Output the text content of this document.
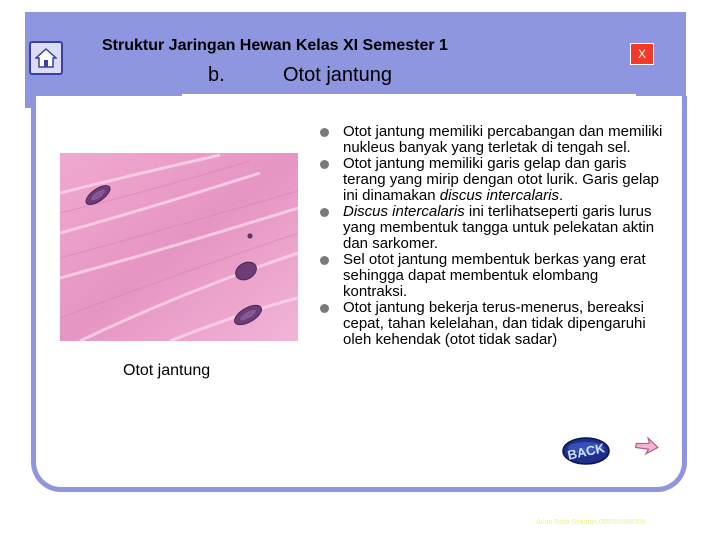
Struktur Jaringan Hewan Kelas XI Semester 1
b.	Otot jantung
X
Otot jantung
Otot jantung memiliki percabangan dan memiliki nukleus banyak yang terletak di tengah sel.
Otot jantung memiliki garis gelap dan garis terang yang mirip dengan otot lurik. Garis gelap ini dinamakan discus intercalaris.
Discus intercalaris ini terlihatseperti garis lurus yang membentuk tangga untuk pelekatan aktin dan sarkomer.
Sel otot jantung membentuk berkas yang erat sehingga dapat membentuk elombang kontraksi.
Otot jantung bekerja terus-menerus, bereaksi cepat, tahan kelelahan, dan tidak dipengaruhi oleh kehendak (otot tidak sadar)
BACK
Arinn Rizki Syaman 085356588308
